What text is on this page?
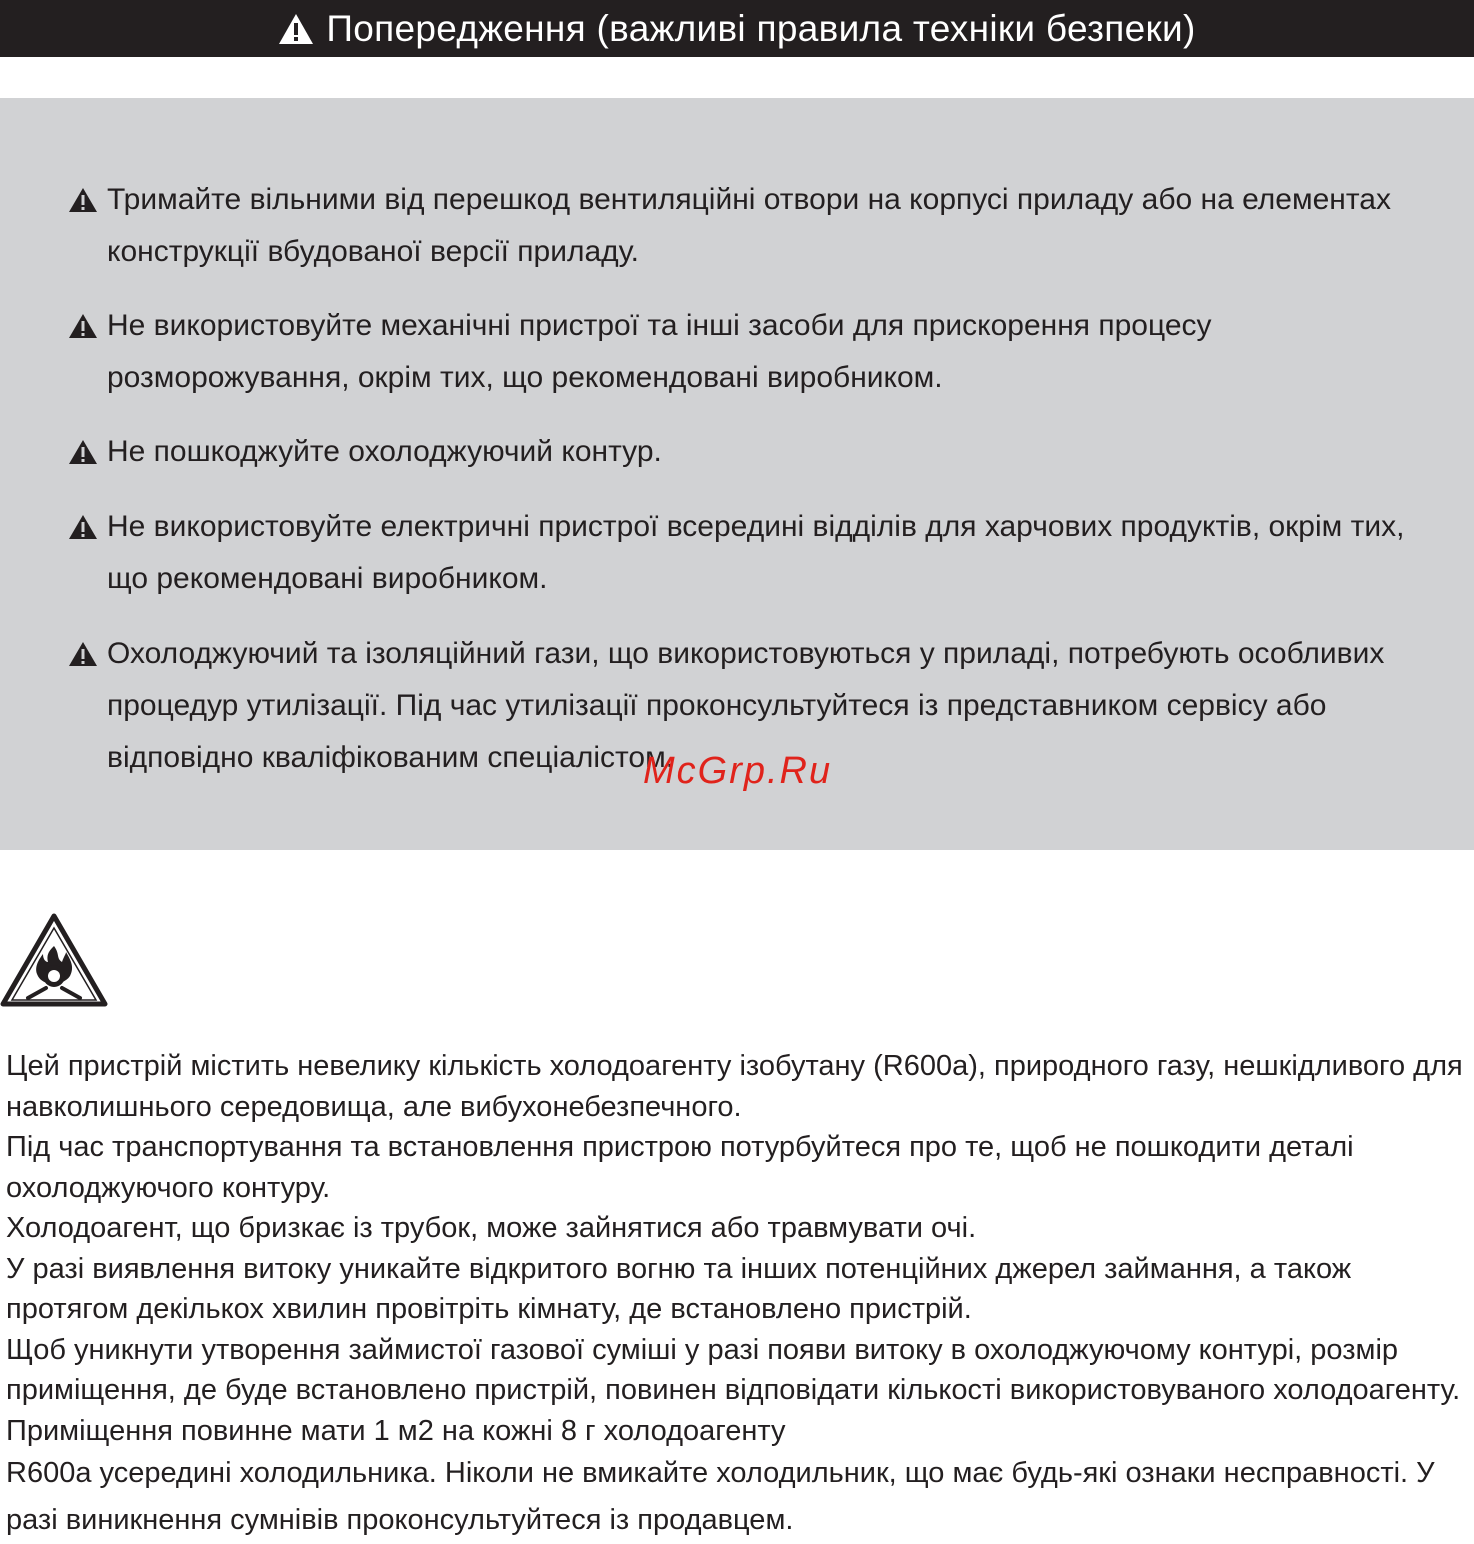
Попередження (важливі правила техніки безпеки)
Тримайте вільними від перешкод вентиляційні отвори на корпусі приладу або на елементах конструкції вбудованої версії приладу.
Не використовуйте механічні пристрої та інші засоби для прискорення процесу розморожування, окрім тих, що рекомендовані виробником.
Не пошкоджуйте охолоджуючий контур.
Не використовуйте електричні пристрої всередині відділів для харчових продуктів, окрім тих, що рекомендовані виробником.
Охолоджуючий та ізоляційний гази, що використовуються у приладі, потребують особливих процедур утилізації. Під час утилізації проконсультуйтеся із представником сервісу або відповідно кваліфікованим спеціалістом.
McGrp.Ru

Цей пристрій містить невелику кількість холодоагенту ізобутану (R600a), природного газу, нешкідливого для навколишнього середовища, але вибухонебезпечного.

Під час транспортування та встановлення пристрою потурбуйтеся про те, щоб не пошкодити деталі охолоджуючого контуру.

Холодоагент, що бризкає із трубок, може зайнятися або травмувати очі.

У разі виявлення витоку уникайте відкритого вогню та інших потенційних джерел займання, а також протягом декількох хвилин провітріть кімнату, де встановлено пристрій.

Щоб уникнути утворення займистої газової суміші у разі появи витоку в охолоджуючому контурі, розмір приміщення, де буде встановлено пристрій, повинен відповідати кількості використовуваного холодоагенту. Приміщення повинне мати 1 м2 на кожні 8 г холодоагенту

R600a усередині холодильника. Ніколи не вмикайте холодильник, що має будь-які ознаки несправності. У разі виникнення сумнівів проконсультуйтеся із продавцем.
